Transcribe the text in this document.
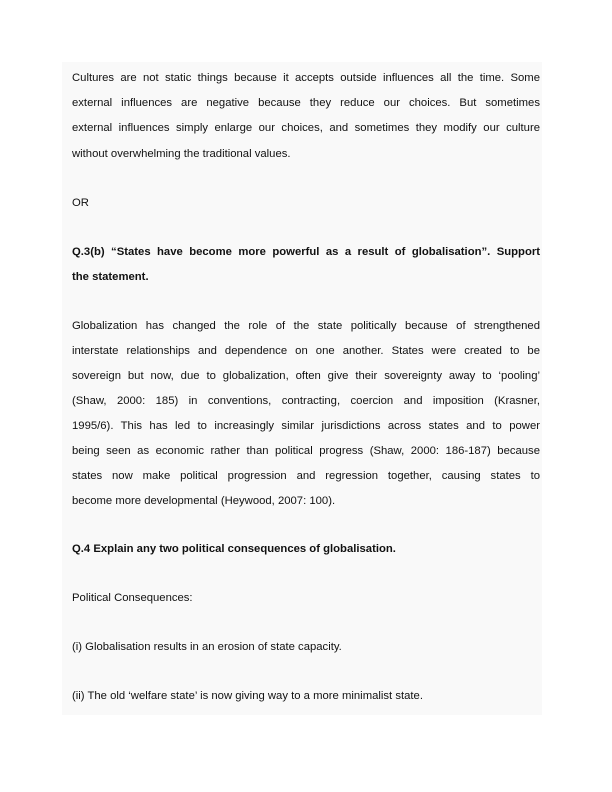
Cultures are not static things because it accepts outside influences all the time. Some
external influences are negative because they reduce our choices. But sometimes
external influences simply enlarge our choices, and sometimes they modify our culture
without overwhelming the traditional values.
OR
Q.3(b) “States have become more powerful as a result of globalisation”. Support
the statement.
Globalization has changed the role of the state politically because of strengthened
interstate relationships and dependence on one another. States were created to be
sovereign but now, due to globalization, often give their sovereignty away to ‘pooling’
(Shaw, 2000: 185) in conventions, contracting, coercion and imposition (Krasner,
1995/6). This has led to increasingly similar jurisdictions across states and to power
being seen as economic rather than political progress (Shaw, 2000: 186-187) because
states now make political progression and regression together, causing states to
become more developmental (Heywood, 2007: 100).
Q.4 Explain any two political consequences of globalisation.
Political Consequences:
(i) Globalisation results in an erosion of state capacity.
(ii) The old ‘welfare state’ is now giving way to a more minimalist state.
